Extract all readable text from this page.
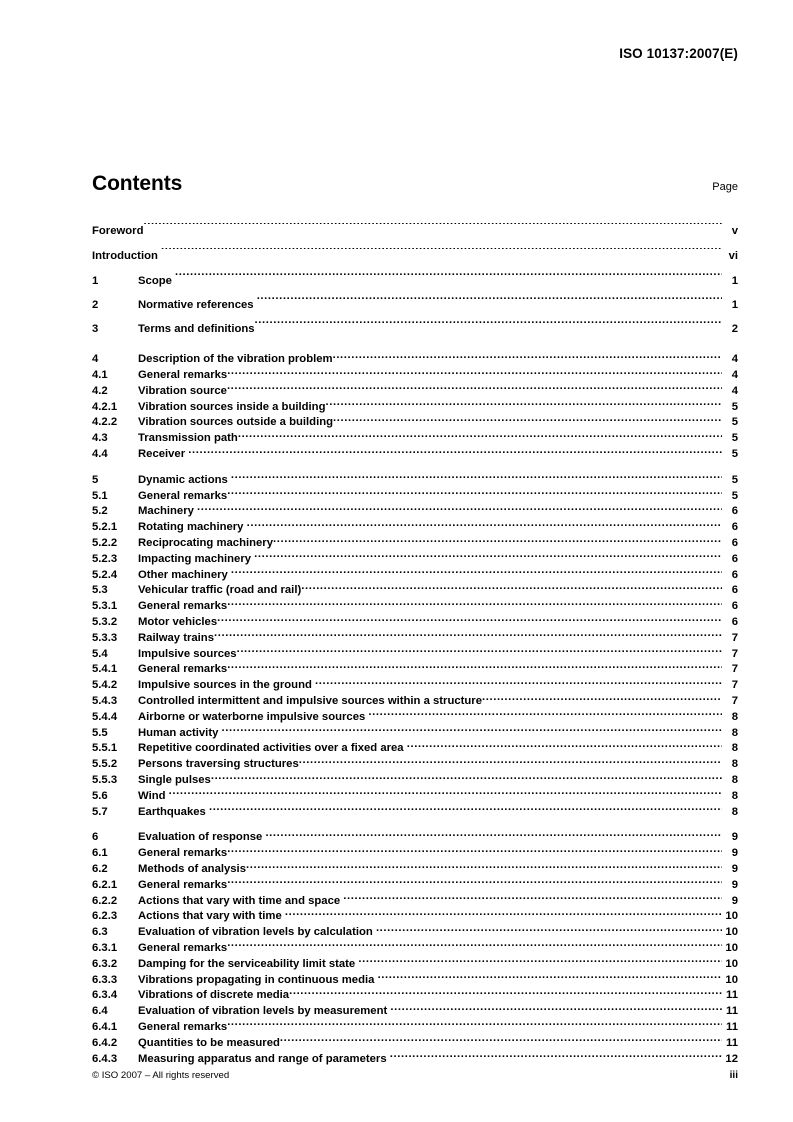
ISO 10137:2007(E)
Contents	Page
Foreword .....	v
Introduction .....	vi
1	Scope .....	1
2	Normative references .....	1
3	Terms and definitions .....	2
4	Description of the vibration problem .....	4
4.1	General remarks .....	4
4.2	Vibration source .....	4
4.2.1	Vibration sources inside a building .....	5
4.2.2	Vibration sources outside a building .....	5
4.3	Transmission path .....	5
4.4	Receiver .....	5
5	Dynamic actions .....	5
5.1	General remarks .....	5
5.2	Machinery .....	6
5.2.1	Rotating machinery .....	6
5.2.2	Reciprocating machinery .....	6
5.2.3	Impacting machinery .....	6
5.2.4	Other machinery .....	6
5.3	Vehicular traffic (road and rail) .....	6
5.3.1	General remarks .....	6
5.3.2	Motor vehicles .....	6
5.3.3	Railway trains .....	7
5.4	Impulsive sources .....	7
5.4.1	General remarks .....	7
5.4.2	Impulsive sources in the ground .....	7
5.4.3	Controlled intermittent and impulsive sources within a structure .....	7
5.4.4	Airborne or waterborne impulsive sources .....	8
5.5	Human activity .....	8
5.5.1	Repetitive coordinated activities over a fixed area .....	8
5.5.2	Persons traversing structures .....	8
5.5.3	Single pulses .....	8
5.6	Wind .....	8
5.7	Earthquakes .....	8
6	Evaluation of response .....	9
6.1	General remarks .....	9
6.2	Methods of analysis .....	9
6.2.1	General remarks .....	9
6.2.2	Actions that vary with time and space .....	9
6.2.3	Actions that vary with time .....	10
6.3	Evaluation of vibration levels by calculation .....	10
6.3.1	General remarks .....	10
6.3.2	Damping for the serviceability limit state .....	10
6.3.3	Vibrations propagating in continuous media .....	10
6.3.4	Vibrations of discrete media .....	11
6.4	Evaluation of vibration levels by measurement .....	11
6.4.1	General remarks .....	11
6.4.2	Quantities to be measured .....	11
6.4.3	Measuring apparatus and range of parameters .....	12
© ISO 2007 – All rights reserved	iii
